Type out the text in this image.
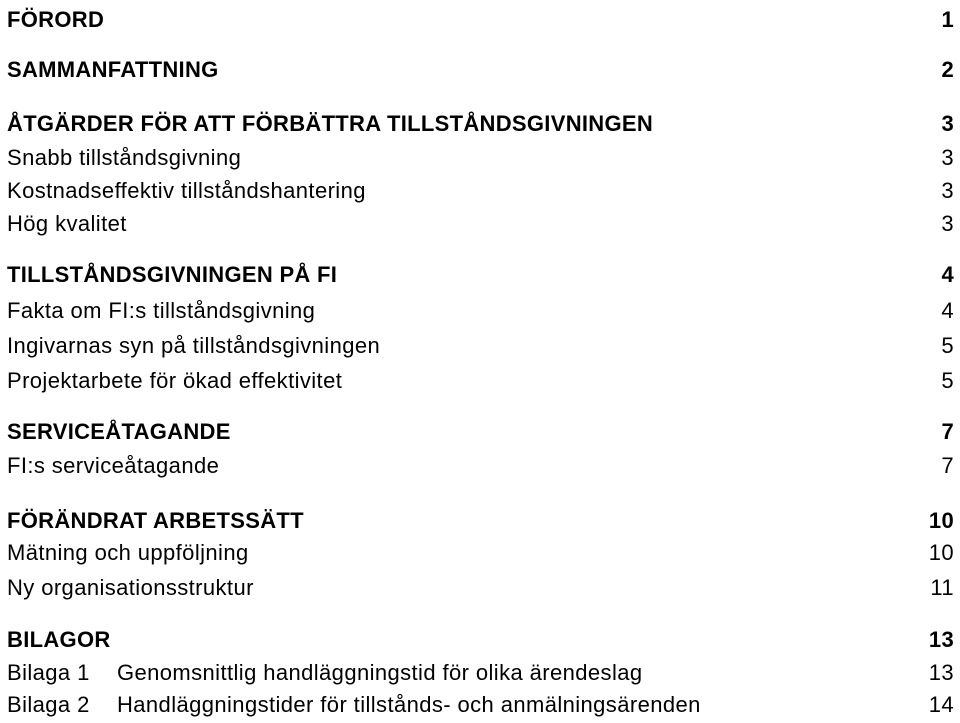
FÖRORD	1
SAMMANFATTNING	2
ÅTGÄRDER FÖR ATT FÖRBÄTTRA TILLSTÅNDSGIVNINGEN	3
Snabb tillståndsgivning	3
Kostnadseffektiv tillståndshantering	3
Hög kvalitet	3
TILLSTÅNDSGIVNINGEN PÅ FI	4
Fakta om FI:s tillståndsgivning	4
Ingivarnas syn på tillståndsgivningen	5
Projektarbete för ökad effektivitet	5
SERVICEÅTAGANDE	7
FI:s serviceåtagande	7
FÖRÄNDRAT ARBETSSÄTT	10
Mätning och uppföljning	10
Ny organisationsstruktur	11
BILAGOR	13
Bilaga 1	Genomsnittlig handläggningstid för olika ärendeslag	13
Bilaga 2	Handläggningstider för tillstånds- och anmälningsärenden	14
